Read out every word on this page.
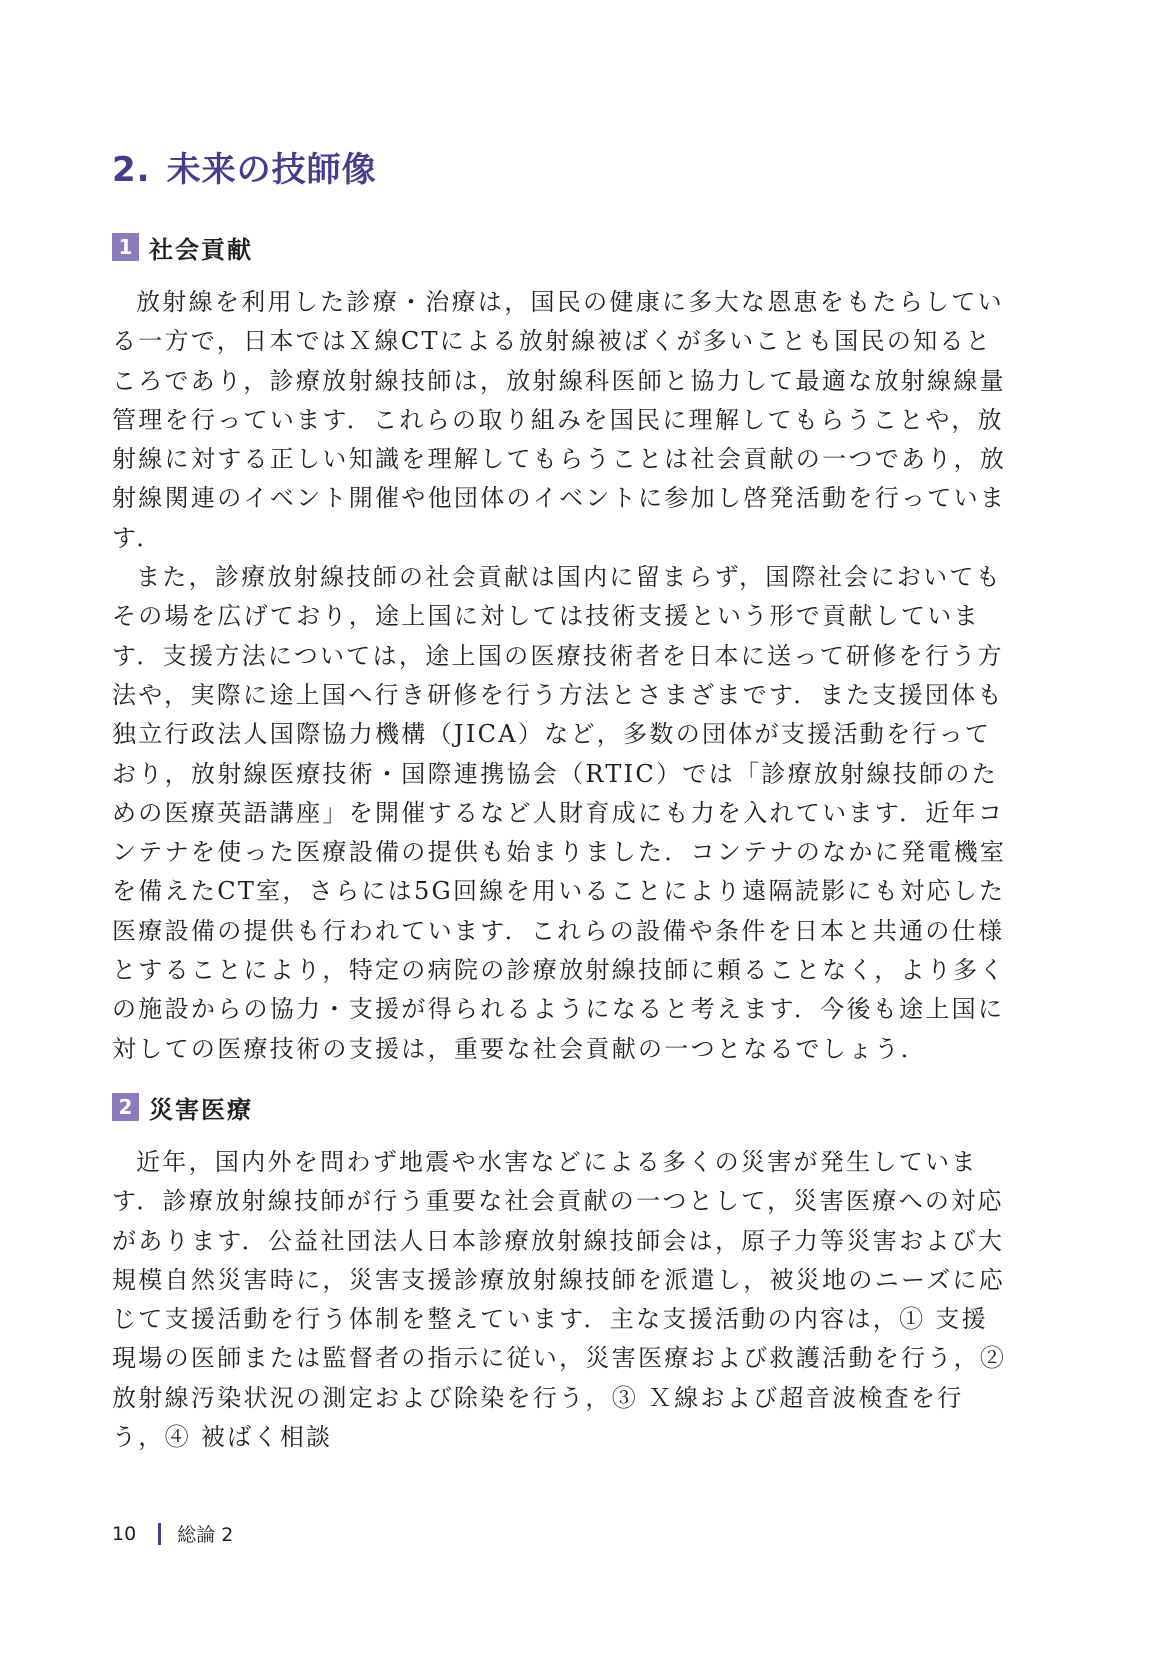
2. 未来の技師像
1 社会貢献

放射線を利用した診療・治療は，国民の健康に多大な恩恵をもたらしている一方で，日本ではＸ線CTによる放射線被ばくが多いことも国民の知るところであり，診療放射線技師は，放射線科医師と協力して最適な放射線線量管理を行っています．これらの取り組みを国民に理解してもらうことや，放射線に対する正しい知識を理解してもらうことは社会貢献の一つであり，放射線関連のイベント開催や他団体のイベントに参加し啓発活動を行っています．

また，診療放射線技師の社会貢献は国内に留まらず，国際社会においてもその場を広げており，途上国に対しては技術支援という形で貢献しています．支援方法については，途上国の医療技術者を日本に送って研修を行う方法や，実際に途上国へ行き研修を行う方法とさまざまです．また支援団体も独立行政法人国際協力機構（JICA）など，多数の団体が支援活動を行っており，放射線医療技術・国際連携協会（RTIC）では「診療放射線技師のための医療英語講座」を開催するなど人財育成にも力を入れています．近年コンテナを使った医療設備の提供も始まりました．コンテナのなかに発電機室を備えたCT室，さらには5G回線を用いることにより遠隔読影にも対応した医療設備の提供も行われています．これらの設備や条件を日本と共通の仕様とすることにより，特定の病院の診療放射線技師に頼ることなく，より多くの施設からの協力・支援が得られるようになると考えます．今後も途上国に対しての医療技術の支援は，重要な社会貢献の一つとなるでしょう．

2 災害医療

近年，国内外を問わず地震や水害などによる多くの災害が発生しています．診療放射線技師が行う重要な社会貢献の一つとして，災害医療への対応があります．公益社団法人日本診療放射線技師会は，原子力等災害および大規模自然災害時に，災害支援診療放射線技師を派遣し，被災地のニーズに応じて支援活動を行う体制を整えています．主な支援活動の内容は，① 支援現場の医師または監督者の指示に従い，災害医療および救護活動を行う，② 放射線汚染状況の測定および除染を行う，③ Ｘ線および超音波検査を行う，④ 被ばく相談

10 総論 2
